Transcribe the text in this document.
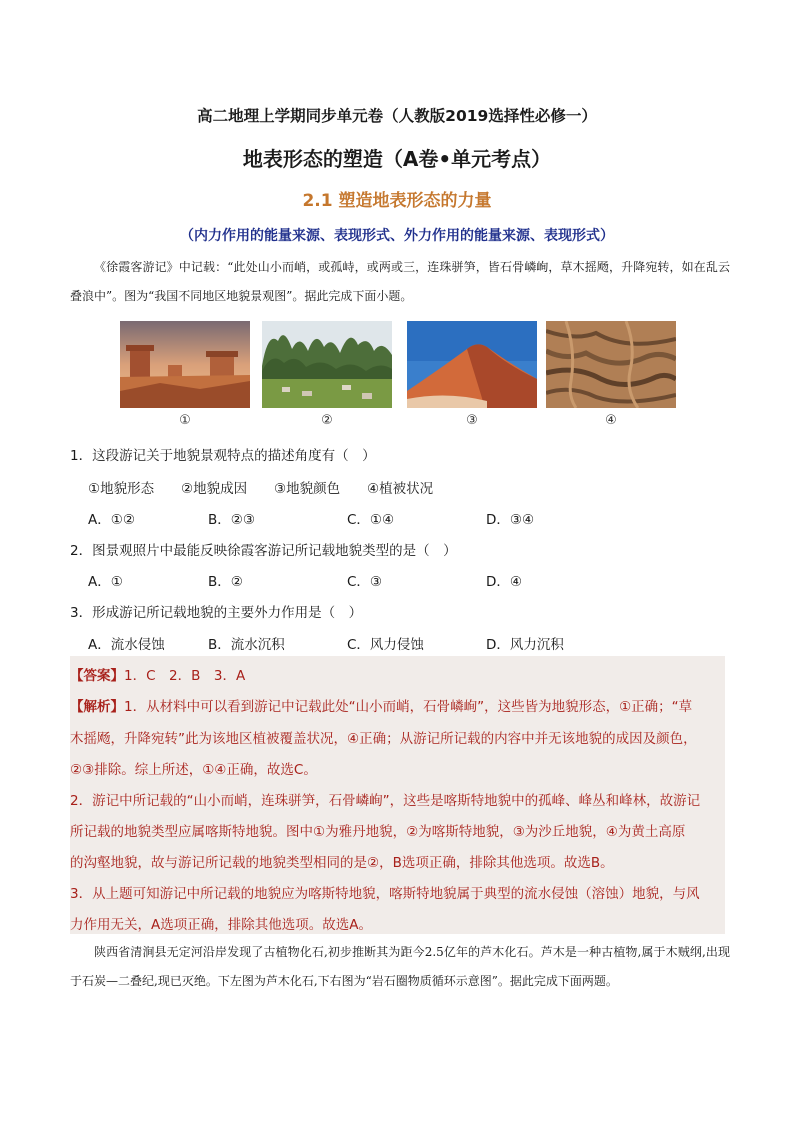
高二地理上学期同步单元卷（人教版2019选择性必修一）
地表形态的塑造（A卷•单元考点）
2.1 塑造地表形态的力量
（内力作用的能量来源、表现形式、外力作用的能量来源、表现形式）
《徐霞客游记》中记载：“此处山小而峭，或孤峙，或两或三，连珠骈笋，皆石骨嶙峋，草木摇飏，升降宛转，如在乱云叠浪中”。图为“我国不同地区地貌景观图”。据此完成下面小题。
①	②	③	④
1．这段游记关于地貌景观特点的描述角度有（　）
①地貌形态 ②地貌成因 ③地貌颜色 ④植被状况
A．①②	B．②③	C．①④	D．③④
2．图景观照片中最能反映徐霞客游记所记载地貌类型的是（　）
A．①	B．②	C．③	D．④
3．形成游记所记载地貌的主要外力作用是（　）
A．流水侵蚀	B．流水沉积	C．风力侵蚀	D．风力沉积
【答案】1．C　2．B　3．A
【解析】1．从材料中可以看到游记中记载此处“山小而峭，石骨嶙峋”，这些皆为地貌形态，①正确；“草
木摇飏，升降宛转”此为该地区植被覆盖状况，④正确；从游记所记载的内容中并无该地貌的成因及颜色，
②③排除。综上所述，①④正确，故选C。
2．游记中所记载的“山小而峭，连珠骈笋，石骨嶙峋”，这些是喀斯特地貌中的孤峰、峰丛和峰林，故游记
所记载的地貌类型应属喀斯特地貌。图中①为雅丹地貌，②为喀斯特地貌，③为沙丘地貌，④为黄土高原
的沟壑地貌，故与游记所记载的地貌类型相同的是②，B选项正确，排除其他选项。故选B。
3．从上题可知游记中所记载的地貌应为喀斯特地貌，喀斯特地貌属于典型的流水侵蚀（溶蚀）地貌，与风
力作用无关，A选项正确，排除其他选项。故选A。
陕西省清涧县无定河沿岸发现了古植物化石,初步推断其为距今2.5亿年的芦木化石。芦木是一种古植物,属于木贼纲,出现于石炭—二叠纪,现已灭绝。下左图为芦木化石,下右图为“岩石圈物质循环示意图”。据此完成下面两题。
